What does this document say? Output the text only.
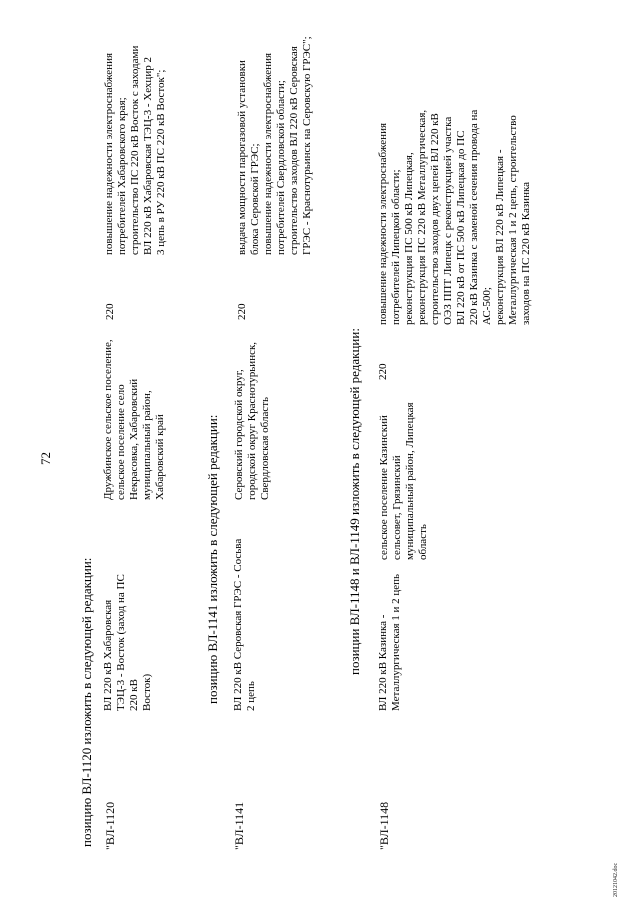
72
позицию ВЛ-1120 изложить в следующей редакции: "ВЛ-1120
ВЛ 220 кВ Хабаровская
ТЭЦ-3 - Восток (заход на ПС 220 кВ
Восток)
Дружбинское сельское поселение,
сельское поселение село
Некрасовка, Хабаровский
муниципальный район,
Хабаровский край
220
повышение надежности электроснабжения
потребителей Хабаровского края;
строительство ПС 220 кВ Восток с заходами
ВЛ 220 кВ Хабаровская ТЭЦ-3 - Хехцир 2
3 цепь в РУ 220 кВ ПС 220 кВ Восток";
позицию ВЛ-1141 изложить в следующей редакции:
"ВЛ-1141
ВЛ 220 кВ Серовская ГРЭС - Сосьва
2 цепь
Серовский городской округ,
городской округ Краснотурьинск,
Свердловская область
220
выдача мощности парогазовой установки
блока Серовской ГРЭС;
повышение надежности электроснабжения
потребителей Свердловской области;
строительство заходов ВЛ 220 кВ Серовская
ГРЭС - Краснотурьинск на Серовскую ГРЭС";
позиции ВЛ-1148 и ВЛ-1149 изложить в следующей редакции:
"ВЛ-1148
ВЛ 220 кВ Казинка -
Металлургическая 1 и 2 цепь
сельское поселение Казинский
сельсовет, Грязинский
муниципальный район, Липецкая
область
220
повышение надежности электроснабжения
потребителей Липецкой области;
реконструкция ПС 500 кВ Липецкая,
реконструкция ПС 220 кВ Металлургическая,
строительство заходов двух цепей ВЛ 220 кВ
ОЭЗ ППТ Липецк с реконструкцией участка
ВЛ 220 кВ от ПС 500 кВ Липецкая до ПС
220 кВ Казинка с заменой сечения провода на
АС-500;
реконструкция ВЛ 220 кВ Липецкая -
Металлургическая 1 и 2 цепь, строительство
заходов на ПС 220 кВ Казинка
20121042.doc
